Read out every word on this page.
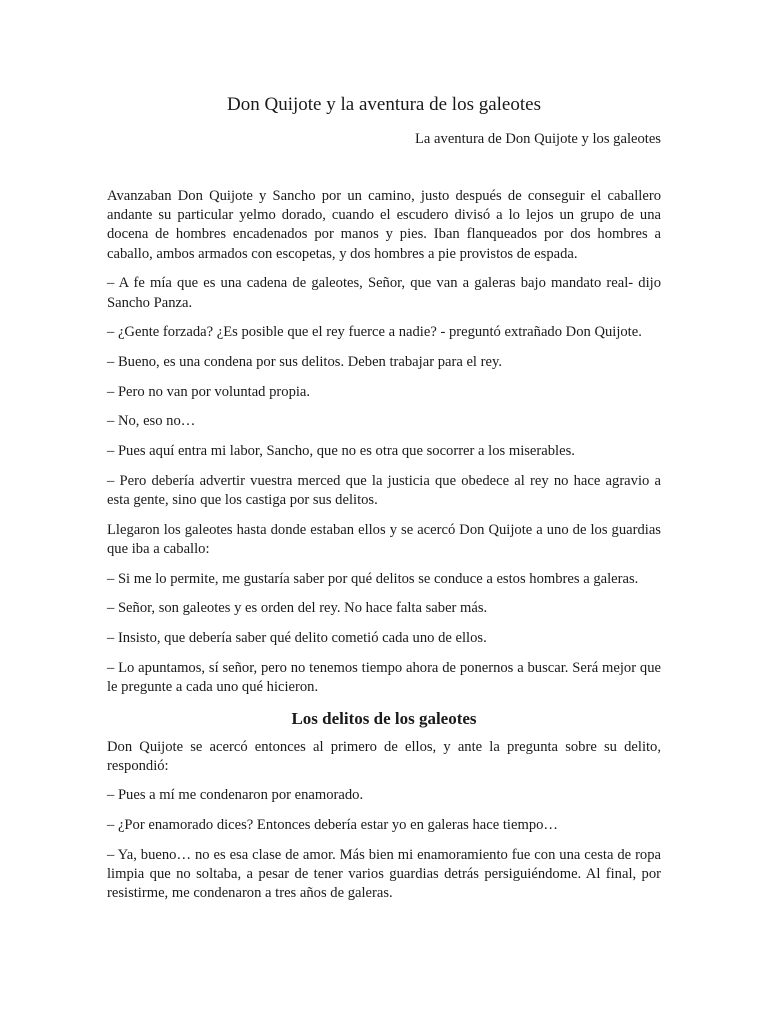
Don Quijote y la aventura de los galeotes
La aventura de Don Quijote y los galeotes

Avanzaban Don Quijote y Sancho por un camino, justo después de conseguir el caballero andante su particular yelmo dorado, cuando el escudero divisó a lo lejos un grupo de una docena de hombres encadenados por manos y pies. Iban flanqueados por dos hombres a caballo, ambos armados con escopetas, y dos hombres a pie provistos de espada.

– A fe mía que es una cadena de galeotes, Señor, que van a galeras bajo mandato real- dijo Sancho Panza.

– ¿Gente forzada? ¿Es posible que el rey fuerce a nadie? - preguntó extrañado Don Quijote.

– Bueno, es una condena por sus delitos. Deben trabajar para el rey.

– Pero no van por voluntad propia.

– No, eso no…

– Pues aquí entra mi labor, Sancho, que no es otra que socorrer a los miserables.

– Pero debería advertir vuestra merced que la justicia que obedece al rey no hace agravio a esta gente, sino que los castiga por sus delitos.

Llegaron los galeotes hasta donde estaban ellos y se acercó Don Quijote a uno de los guardias que iba a caballo:

– Si me lo permite, me gustaría saber por qué delitos se conduce a estos hombres a galeras.

– Señor, son galeotes y es orden del rey. No hace falta saber más.

– Insisto, que debería saber qué delito cometió cada uno de ellos.

– Lo apuntamos, sí señor, pero no tenemos tiempo ahora de ponernos a buscar. Será mejor que le pregunte a cada uno qué hicieron.

Los delitos de los galeotes

Don Quijote se acercó entonces al primero de ellos, y ante la pregunta sobre su delito, respondió:

– Pues a mí me condenaron por enamorado.

– ¿Por enamorado dices? Entonces debería estar yo en galeras hace tiempo…

– Ya, bueno… no es esa clase de amor. Más bien mi enamoramiento fue con una cesta de ropa limpia que no soltaba, a pesar de tener varios guardias detrás persiguiéndome. Al final, por resistirme, me condenaron a tres años de galeras.
